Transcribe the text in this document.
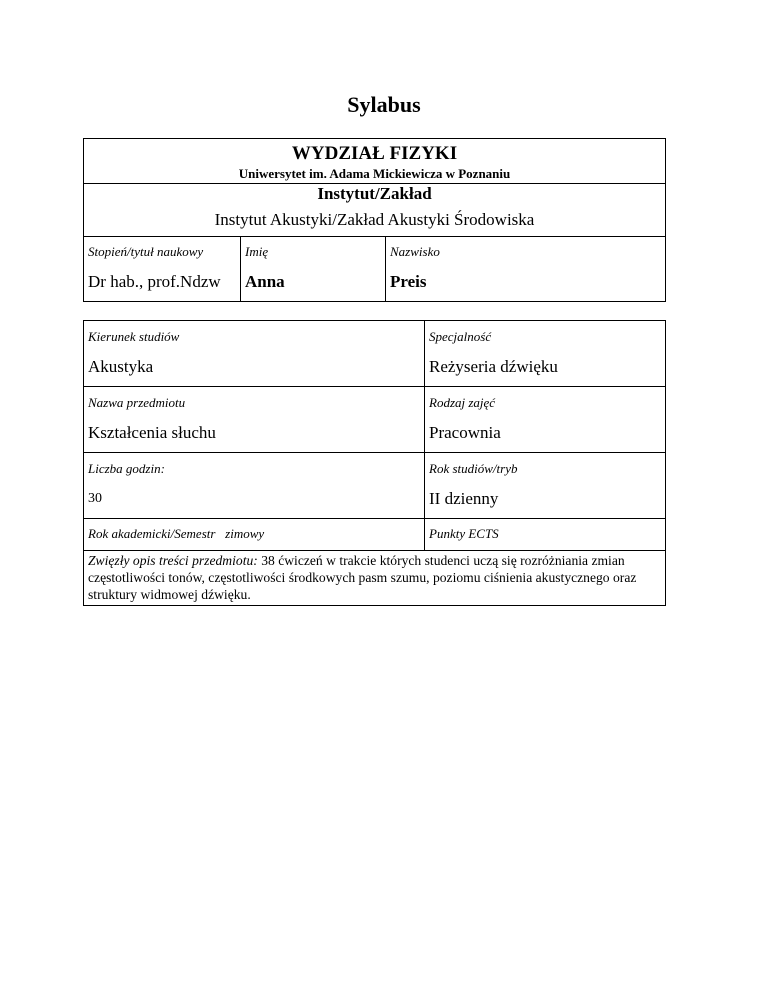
Sylabus
WYDZIAŁ FIZYKI
Uniwersytet im. Adama Mickiewicza w Poznaniu
Instytut/Zakład
Instytut Akustyki/Zakład Akustyki Środowiska
Stopień/tytuł naukowy
Dr hab., prof.Ndzw
Imię
Anna
Nazwisko
Preis
Kierunek studiów
Akustyka
Specjalność
Reżyseria dźwięku
Nazwa przedmiotu
Kształcenia słuchu
Rodzaj zajęć
Pracownia
Liczba godzin:
30
Rok studiów/tryb
II dzienny
Rok akademicki/Semestr   zimowy	Punkty ECTS
Zwięzły opis treści przedmiotu: 38 ćwiczeń w trakcie których studenci uczą się rozróżniania zmian częstotliwości tonów, częstotliwości środkowych pasm szumu, poziomu ciśnienia akustycznego oraz struktury widmowej dźwięku.
